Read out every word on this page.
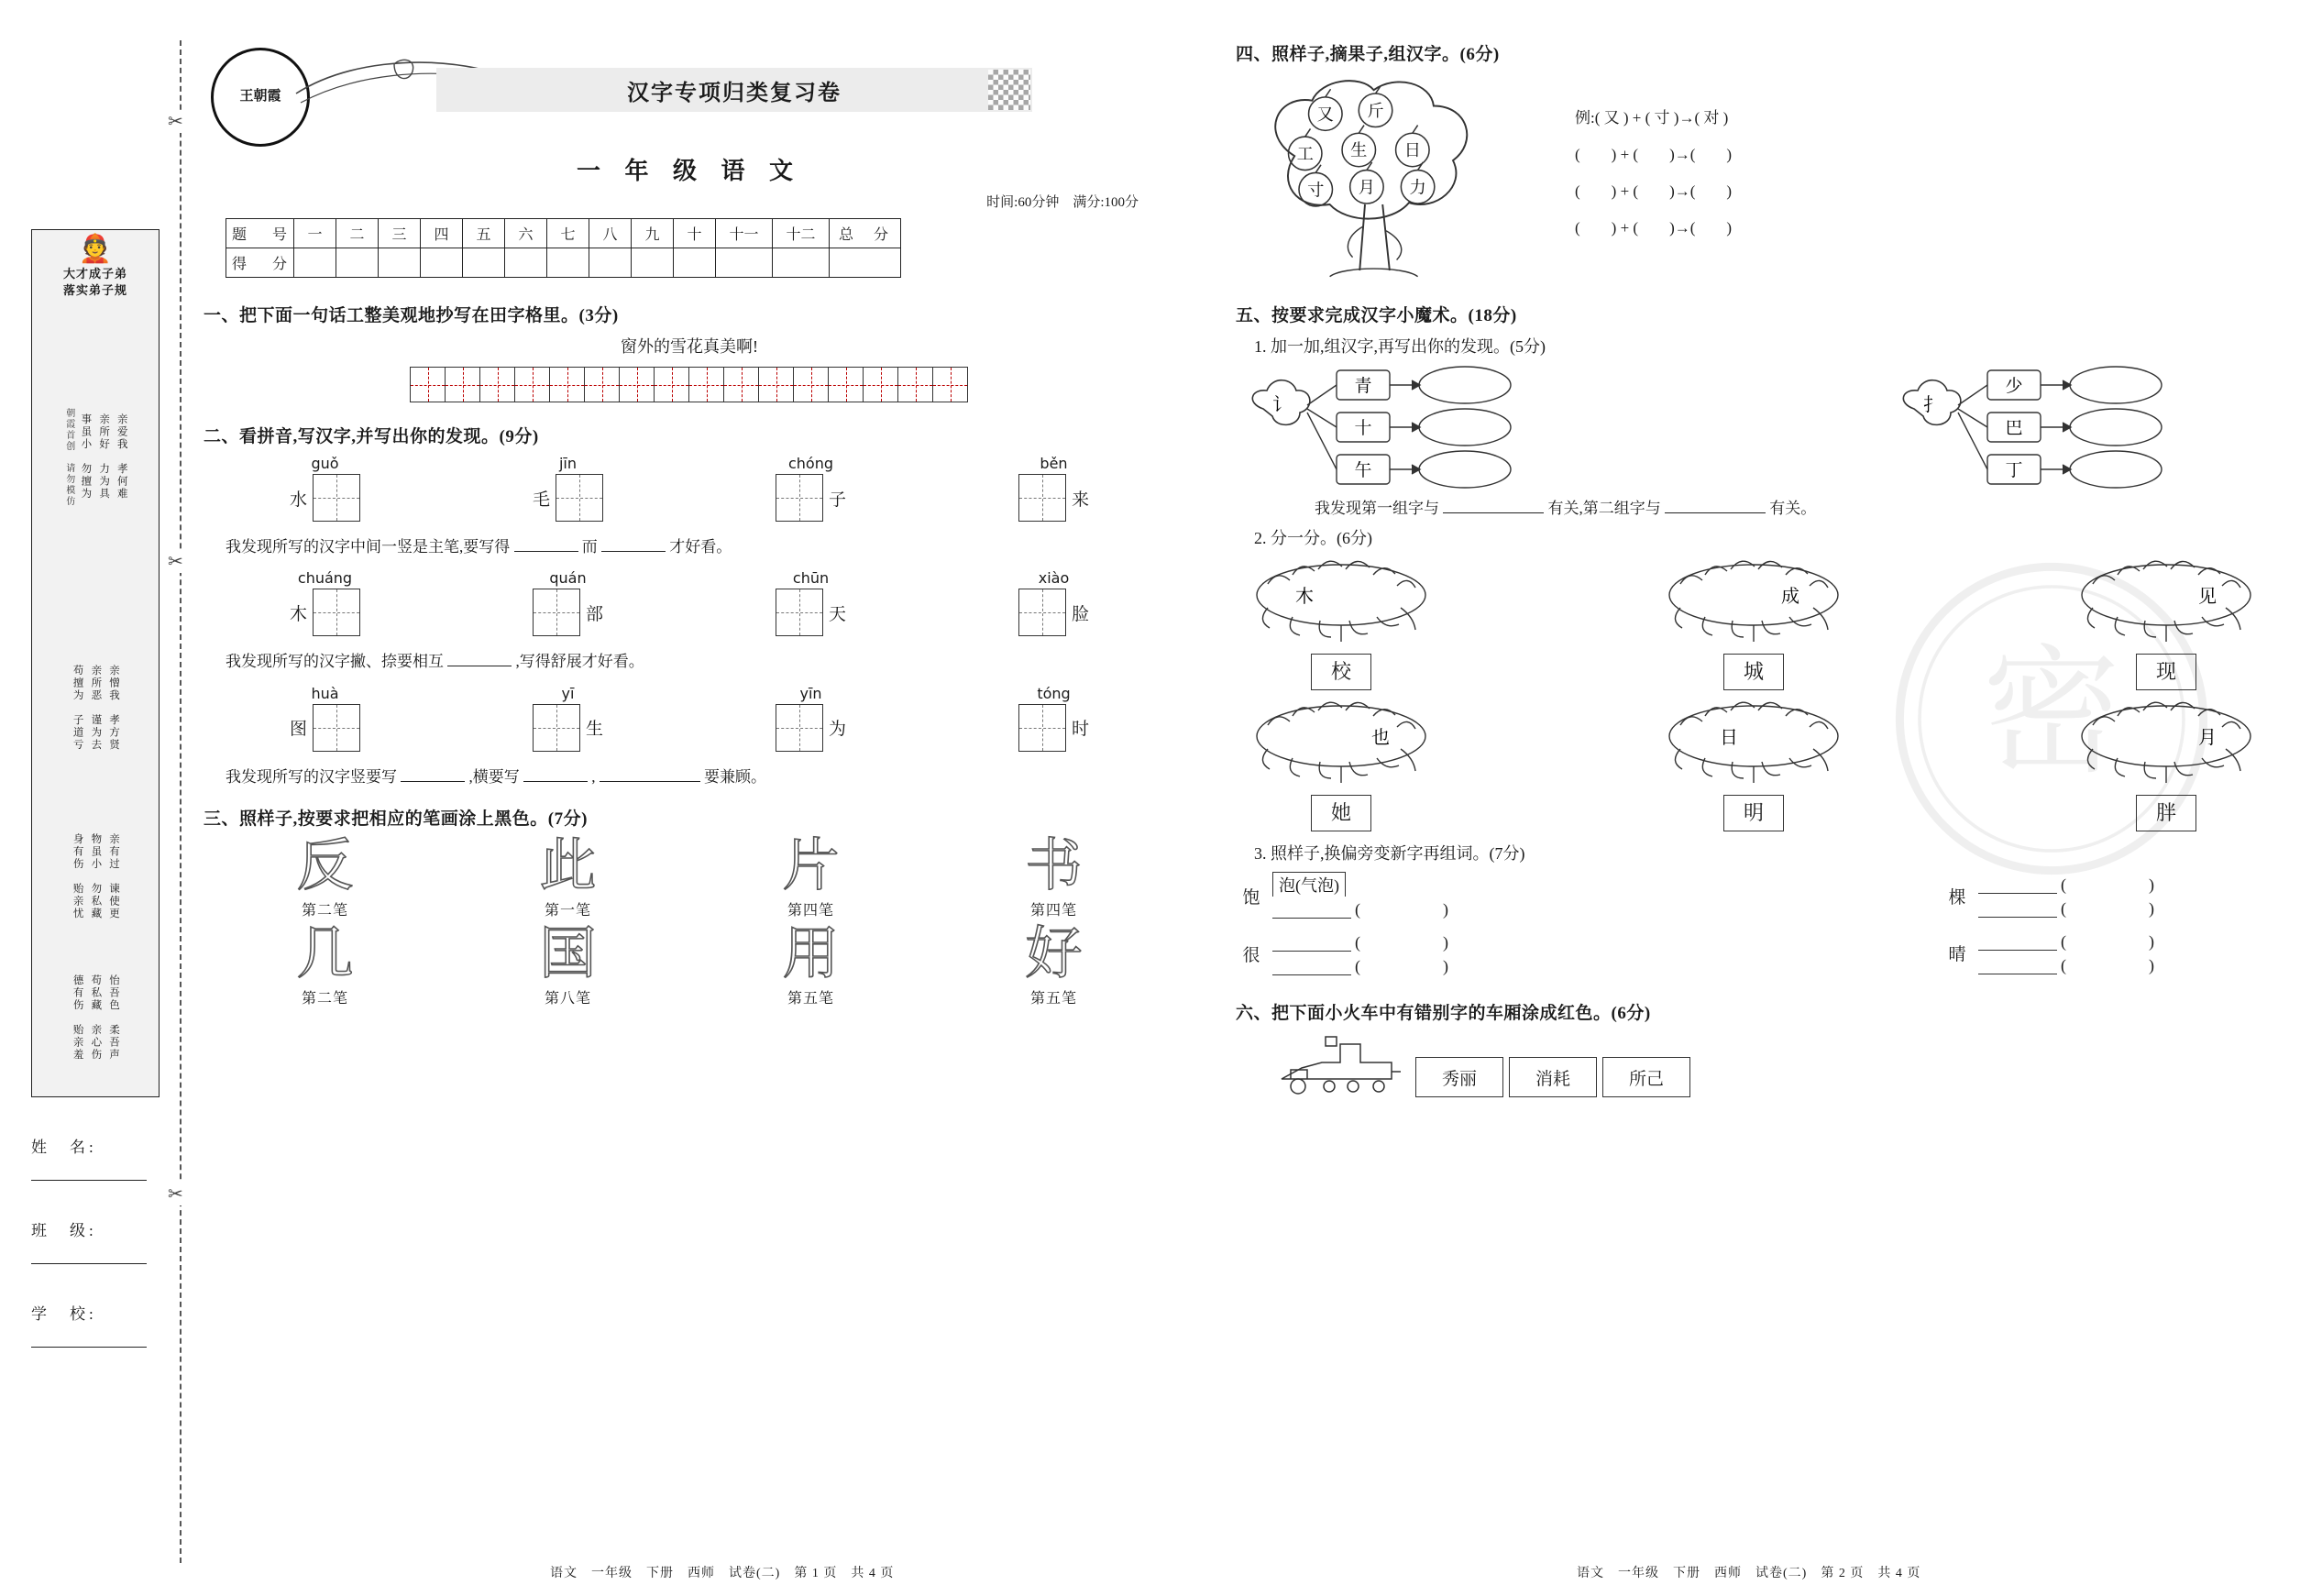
✂
✂
✂
👲
大才成子弟
落实弟子规
亲爱我　孝何难
亲所好　力为具
事虽小　勿擅为
朝霞首创　请勿模仿
亲憎我　孝方贤
亲所恶　谨为去
苟擅为　子道亏
亲有过　谏使更
物虽小　勿私藏
身有伤　贻亲忧
怡吾色　柔吾声
苟私藏　亲心伤
德有伤　贻亲羞
姓　名:
班　级:
学　校:
王朝霞	汉字专项归类复习卷
一 年 级 语 文
时间:60分钟　满分:100分
题　号	一	二	三	四	五	六	七	八	九	十	十一	十二	总　分
得　分													
一、把下面一句话工整美观地抄写在田字格里。(3分)
窗外的雪花真美啊!
二、看拼音,写汉字,并写出你的发现。(9分)
guǒ
水
jīn
毛
chóng
子
běn
来
我发现所写的汉字中间一竖是主笔,要写得	而	才好看。
chuáng
木
quán
部
chūn
天
xiào
脸
我发现所写的汉字撇、捺要相互	,写得舒展才好看。
huà
图
yī
生
yīn
为
tóng
时
我发现所写的汉字竖要写	,横要写	,	要兼顾。
三、照样子,按要求把相应的笔画涂上黑色。(7分)
反
第二笔
此
第一笔
片
第四笔
书
第四笔
几
第二笔
国
第八笔
用
第五笔
好
第五笔
密
四、照样子,摘果子,组汉字。(6分)
又 斤
工 生 日
寸 月 力
例:( 又 ) + ( 寸 )→( 对 )
(　　) + (　　)→(　　)
(　　) + (　　)→(　　)
(　　) + (　　)→(　　)
五、按要求完成汉字小魔术。(18分)
1. 加一加,组汉字,再写出你的发现。(5分)
讠
青
十
午
扌
少
巴
丁
我发现第一组字与	有关,第二组字与	有关。
2. 分一分。(6分)
木
校
成
城
见
现
也
她
日
明
月
胖
3. 照样子,换偏旁变新字再组词。(7分)
饱
泡(气泡)
(　　　　　)
很
(　　　　　)
(　　　　　)
棵
(　　　　　)
(　　　　　)
晴
(　　　　　)
(　　　　　)
六、把下面小火车中有错别字的车厢涂成红色。(6分)
秀丽	消耗	所己
语文　一年级　下册　西师　试卷(二)　第 1 页　共 4 页	语文　一年级　下册　西师　试卷(二)　第 2 页　共 4 页
